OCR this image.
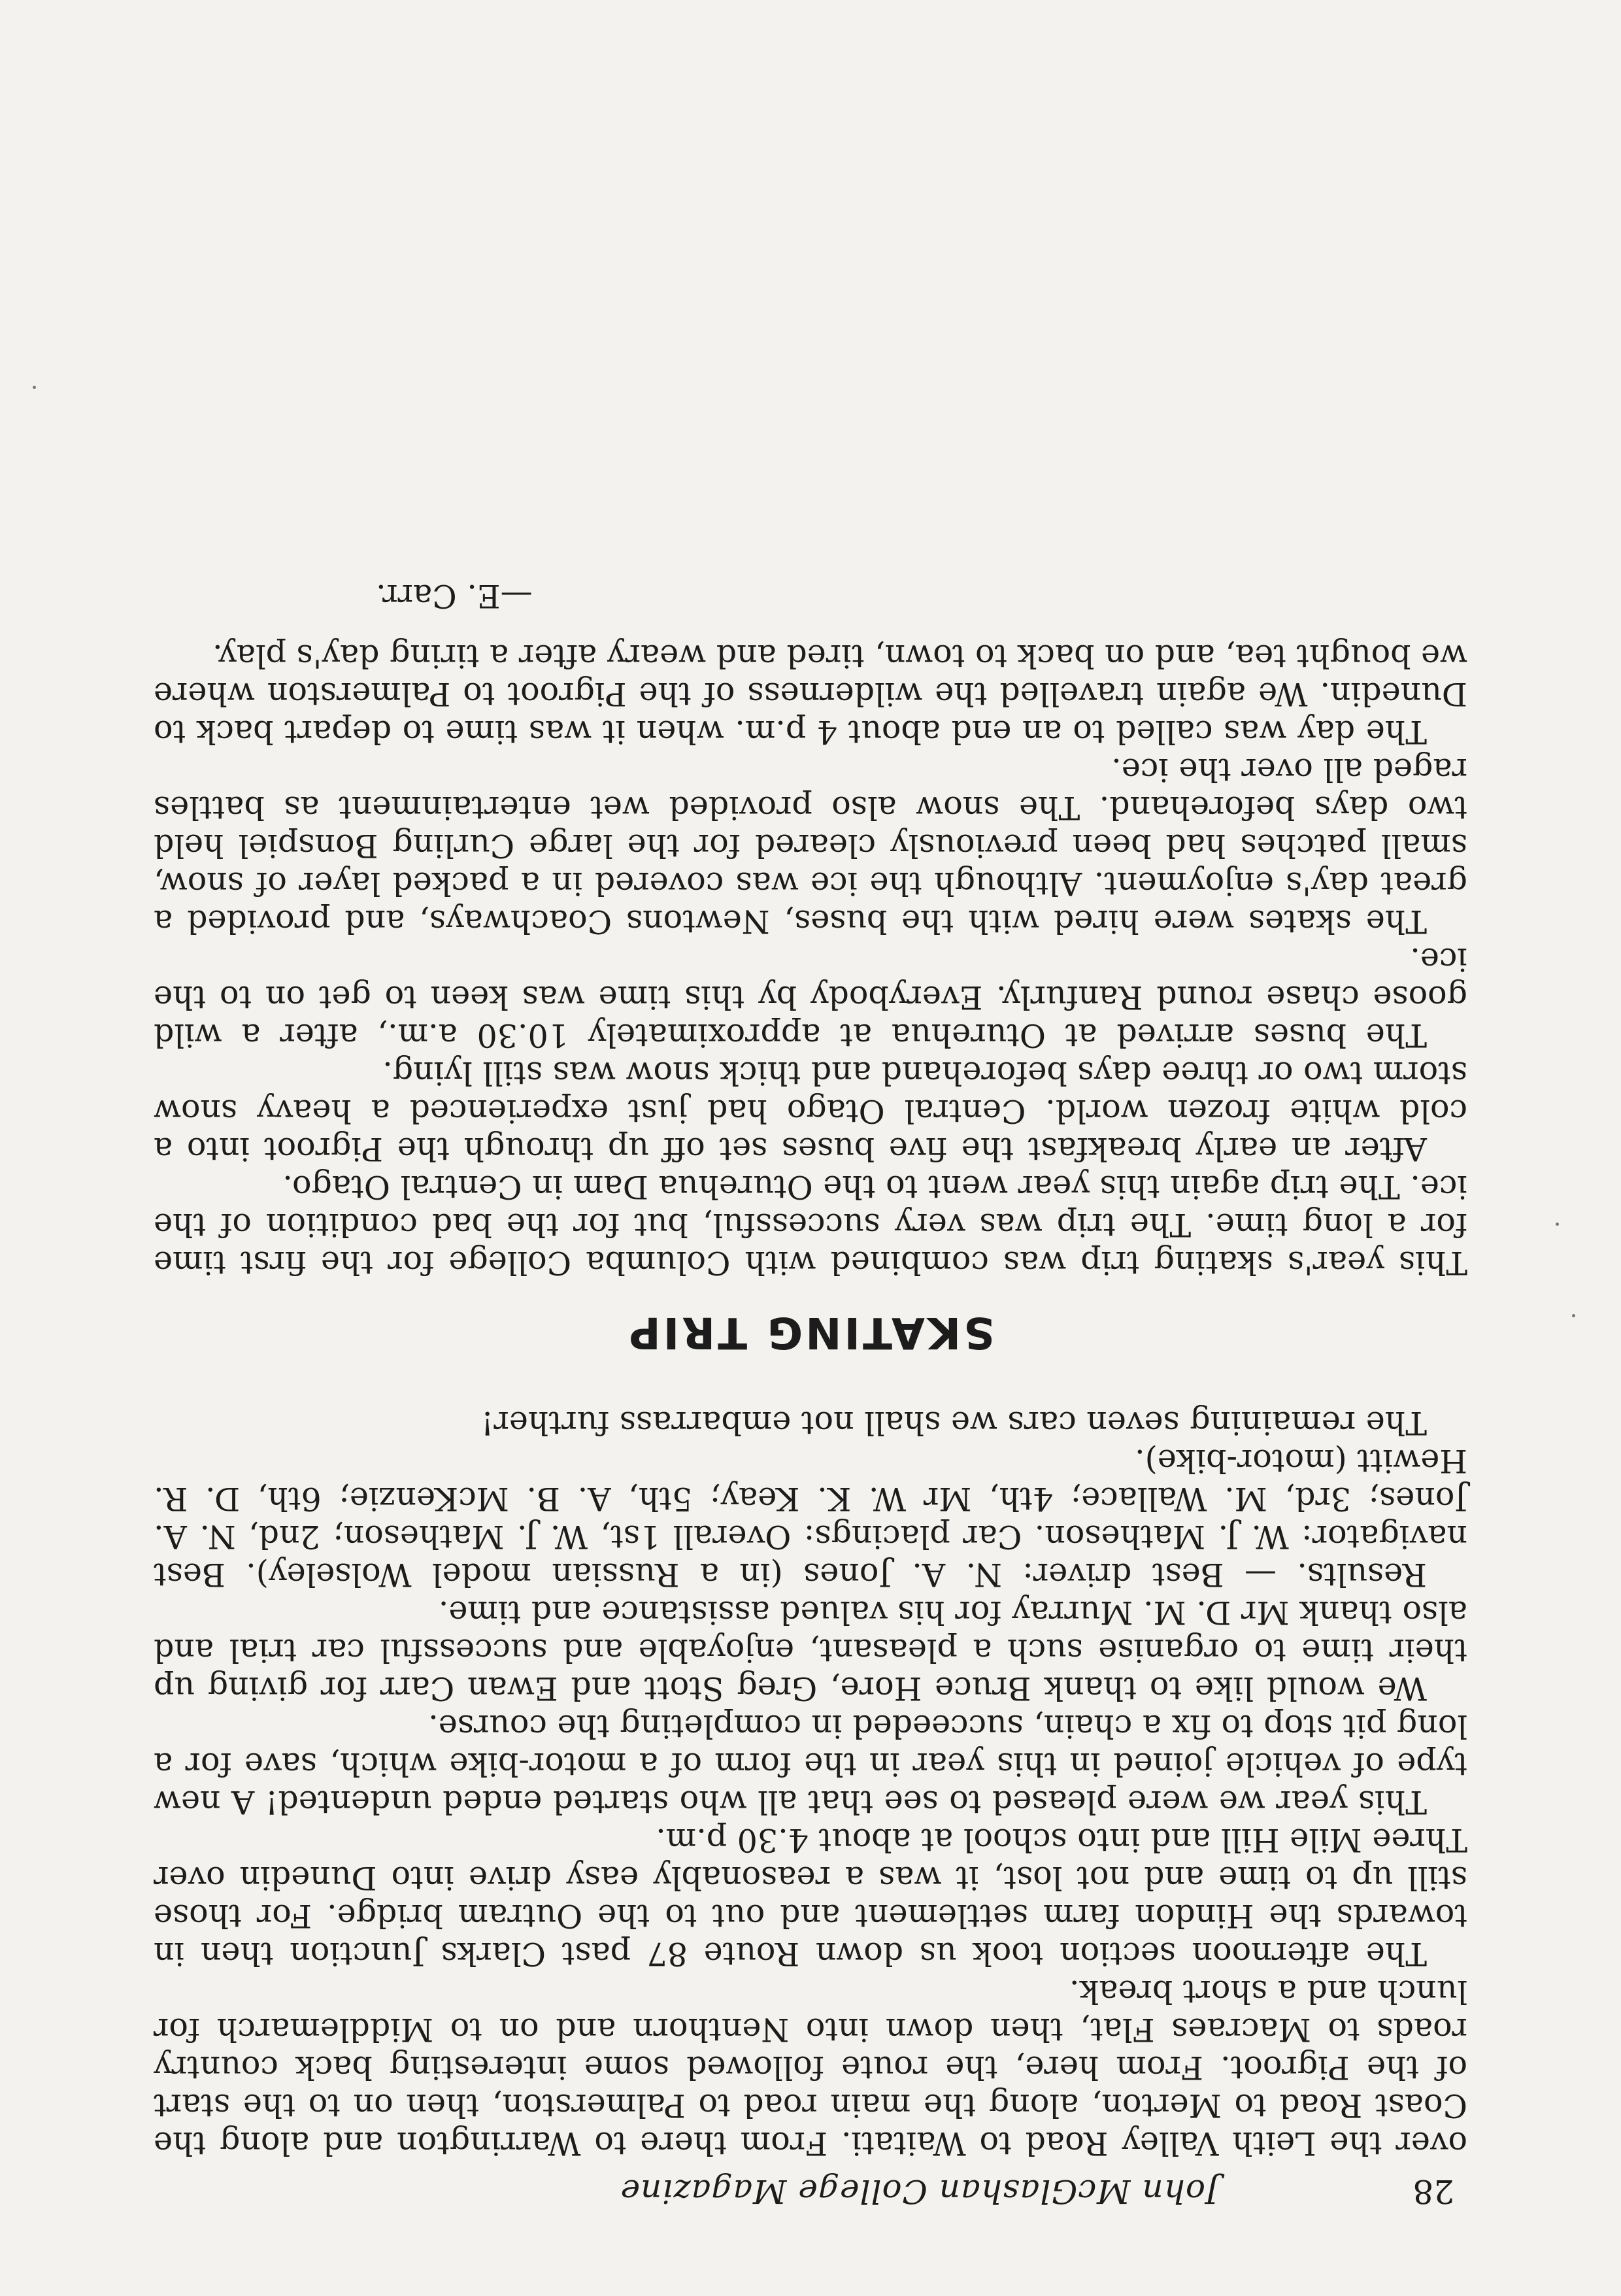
28
John McGlashan College Magazine

over the Leith Valley Road to Waitati. From there to Warrington and along the Coast Road to Merton, along the main road to Palmerston, then on to the start of the Pigroot. From here, the route followed some interesting back country roads to Macraes Flat, then down into Nenthorn and on to Middlemarch for lunch and a short break.

The afternoon section took us down Route 87 past Clarks Junction then in towards the Hindon farm settlement and out to the Outram bridge. For those still up to time and not lost, it was a reasonably easy drive into Dunedin over Three Mile Hill and into school at about 4.30 p.m.

This year we were pleased to see that all who started ended undented! A new type of vehicle joined in this year in the form of a motor-bike which, save for a long pit stop to fix a chain, succeeded in completing the course.

We would like to thank Bruce Hore, Greg Stott and Ewan Carr for giving up their time to organise such a pleasant, enjoyable and successful car trial and also thank Mr D. M. Murray for his valued assistance and time.

Results. — Best driver: N. A. Jones (in a Russian model Wolseley). Best navigator: W. J. Matheson. Car placings: Overall 1st, W. J. Matheson; 2nd, N. A. Jones; 3rd, M. Wallace; 4th, Mr W. K. Keay; 5th, A. B. McKenzie; 6th, D. R. Hewitt (motor-bike).

The remaining seven cars we shall not embarrass further!

SKATING TRIP

This year's skating trip was combined with Columba College for the first time for a long time. The trip was very successful, but for the bad condition of the ice. The trip again this year went to the Oturehua Dam in Central Otago.

After an early breakfast the five buses set off up through the Pigroot into a cold white frozen world. Central Otago had just experienced a heavy snow storm two or three days beforehand and thick snow was still lying.

The buses arrived at Oturehua at approximately 10.30 a.m., after a wild goose chase round Ranfurly. Everybody by this time was keen to get on to the ice.

The skates were hired with the buses, Newtons Coachways, and provided a great day's enjoyment. Although the ice was covered in a packed layer of snow, small patches had been previously cleared for the large Curling Bonspiel held two days beforehand. The snow also provided wet entertainment as battles raged all over the ice.

The day was called to an end about 4 p.m. when it was time to depart back to Dunedin. We again travelled the wilderness of the Pigroot to Palmerston where we bought tea, and on back to town, tired and weary after a tiring day's play.

—E. Carr.
